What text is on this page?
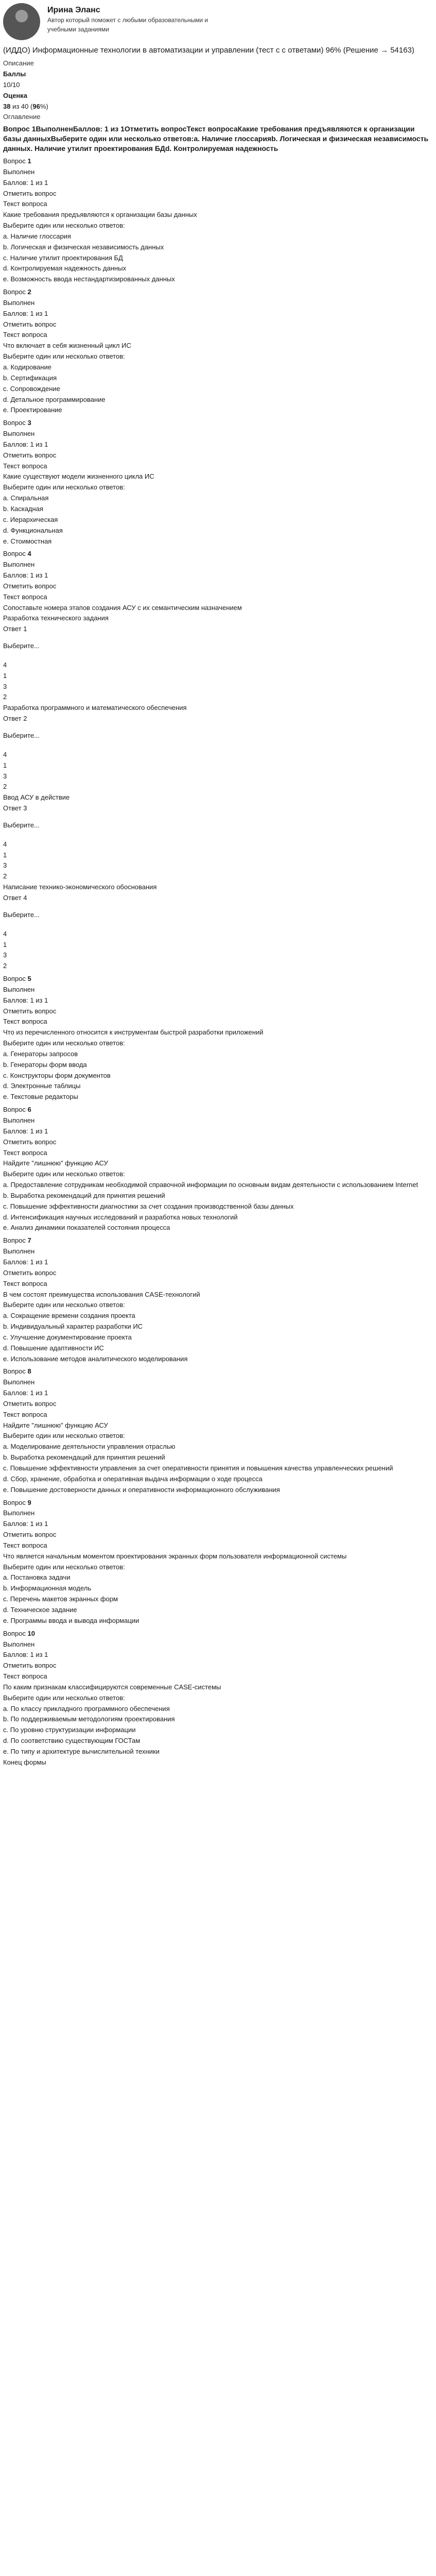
Ирина Эланс
Автор который поможет с любыми образовательными и учебными заданиями
(ИДДО) Информационные технологии в автоматизации и управлении (тест с с ответами) 96% (Решение → 54163)
Описание
Баллы
10/10
Оценка
38 из 40 (96%)
Оглавление
Вопрос 1ВыполненБаллов: 1 из 1Отметить вопросТекст вопросаКакие требования предъявляются к организации базы данныхВыберите один или несколько ответов:a. Наличие глоссарияb. Логическая и физическая независимость данных. Наличие утилит проектирования БДd. Контролируемая надежность
Вопрос 1
Выполнен
Баллов: 1 из 1
Отметить вопрос
Текст вопроса
Какие требования предъявляются к организации базы данных
Выберите один или несколько ответов:
a. Наличие глоссария
b. Логическая и физическая независимость данных
c. Наличие утилит проектирования БД
d. Контролируемая надежность данных
e. Возможность ввода нестандартизированных данных
Вопрос 2
Выполнен
Баллов: 1 из 1
Отметить вопрос
Текст вопроса
Что включает в себя жизненный цикл ИС
Выберите один или несколько ответов:
a. Кодирование
b. Сертификация
c. Сопровождение
d. Детальное программирование
e. Проектирование
Вопрос 3
Выполнен
Баллов: 1 из 1
Отметить вопрос
Текст вопроса
Какие существуют модели жизненного цикла ИС
Выберите один или несколько ответов:
a. Спиральная
b. Каскадная
c. Иерархическая
d. Функциональная
e. Стоимостная
Вопрос 4
Выполнен
Баллов: 1 из 1
Отметить вопрос
Текст вопроса
Сопоставьте номера этапов создания АСУ с их семантическим назначением
Разработка технического задания
Ответ 1
Выберите...
4
1
3
2
Разработка программного и математического обеспечения
Ответ 2
Выберите...
4
1
3
2
Ввод АСУ в действие
Ответ 3
Выберите...
4
1
3
2
Написание технико-экономического обоснования
Ответ 4
Выберите...
4
1
3
2
Вопрос 5
Выполнен
Баллов: 1 из 1
Отметить вопрос
Текст вопроса
Что из перечисленного относится к инструментам быстрой разработки приложений
Выберите один или несколько ответов:
a. Генераторы запросов
b. Генераторы форм ввода
c. Конструкторы форм документов
d. Электронные таблицы
e. Текстовые редакторы
Вопрос 6
Выполнен
Баллов: 1 из 1
Отметить вопрос
Текст вопроса
Найдите "лишнюю" функцию АСУ
Выберите один или несколько ответов:
a. Предоставление сотрудникам необходимой справочной информации по основным видам деятельности с использованием Internet
b. Выработка рекомендаций для принятия решений
c. Повышение эффективности диагностики за счет создания производственной базы данных
d. Интенсификация научных исследований и разработка новых технологий
e. Анализ динамики показателей состояния процесса
Вопрос 7
Выполнен
Баллов: 1 из 1
Отметить вопрос
Текст вопроса
В чем состоят преимущества использования CASE-технологий
Выберите один или несколько ответов:
a. Сокращение времени создания проекта
b. Индивидуальный характер разработки ИС
c. Улучшение документирование проекта
d. Повышение адаптивности ИС
e. Использование методов аналитического моделирования
Вопрос 8
Выполнен
Баллов: 1 из 1
Отметить вопрос
Текст вопроса
Найдите "лишнюю" функцию АСУ
Выберите один или несколько ответов:
a. Моделирование деятельности управления отраслью
b. Выработка рекомендаций для принятия решений
c. Повышение эффективности управления за счет оперативности принятия и повышения качества управленческих решений
d. Сбор, хранение, обработка и оперативная выдача информации о ходе процесса
e. Повышение достоверности данных и оперативности информационного обслуживания
Вопрос 9
Выполнен
Баллов: 1 из 1
Отметить вопрос
Текст вопроса
Что является начальным моментом проектирования экранных форм пользователя информационной системы
Выберите один или несколько ответов:
a. Постановка задачи
b. Информационная модель
c. Перечень макетов экранных форм
d. Техническое задание
e. Программы ввода и вывода информации
Вопрос 10
Выполнен
Баллов: 1 из 1
Отметить вопрос
Текст вопроса
По каким признакам классифицируются современные CASE-системы
Выберите один или несколько ответов:
a. По классу прикладного программного обеспечения
b. По поддерживаемым методологиям проектирования
c. По уровню структуризации информации
d. По соответствию существующим ГОСТам
e. По типу и архитектуре вычислительной техники
Конец формы
